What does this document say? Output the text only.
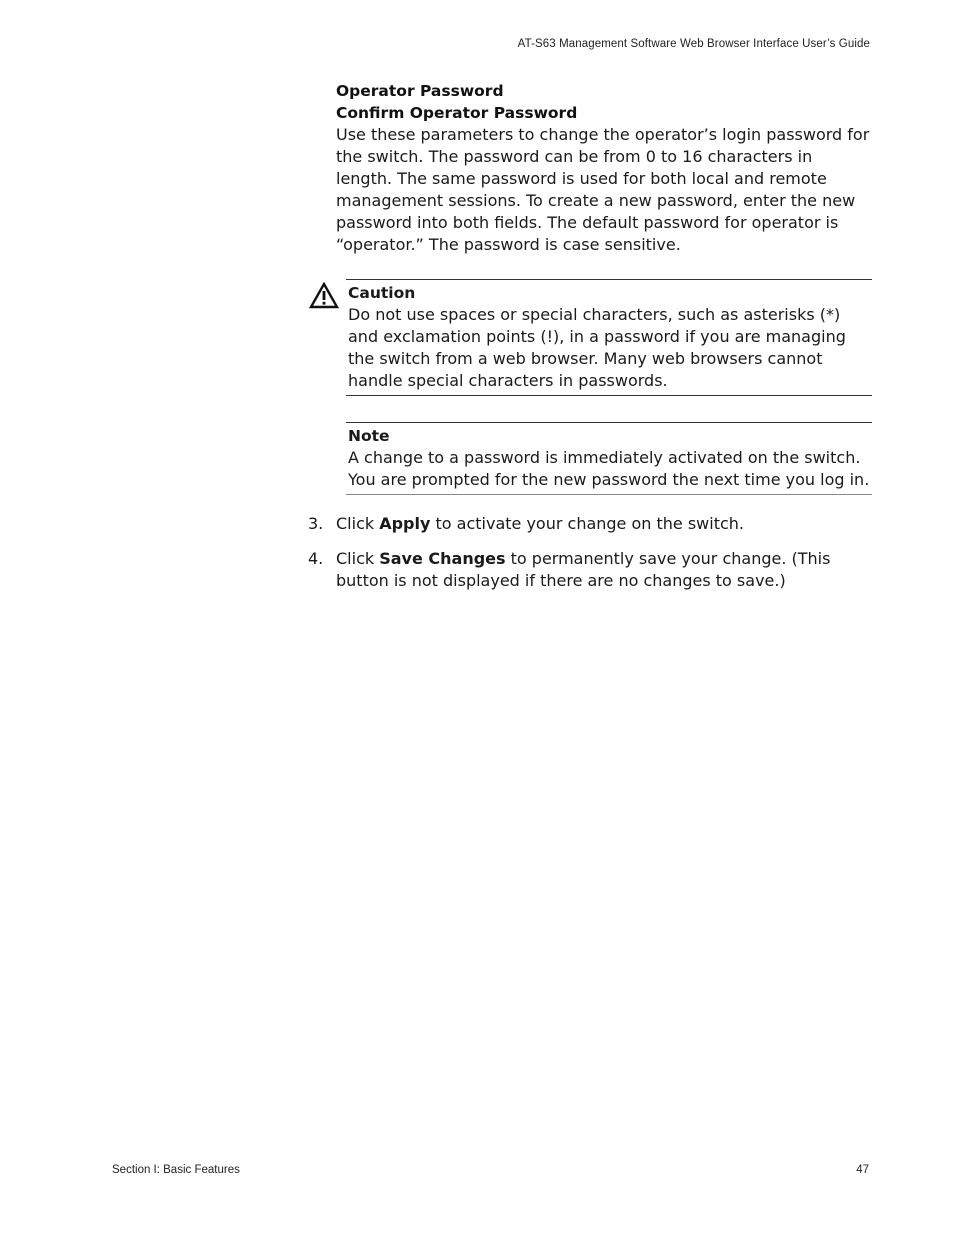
AT-S63 Management Software Web Browser Interface User’s Guide
Operator Password
Confirm Operator Password
Use these parameters to change the operator’s login password for the switch. The password can be from 0 to 16 characters in length. The same password is used for both local and remote management sessions. To create a new password, enter the new password into both fields. The default password for operator is “operator.” The password is case sensitive.
Caution
Do not use spaces or special characters, such as asterisks (*) and exclamation points (!), in a password if you are managing the switch from a web browser. Many web browsers cannot handle special characters in passwords.
Note
A change to a password is immediately activated on the switch. You are prompted for the new password the next time you log in.
3. Click Apply to activate your change on the switch.
4. Click Save Changes to permanently save your change. (This button is not displayed if there are no changes to save.)
Section I: Basic Features	47
